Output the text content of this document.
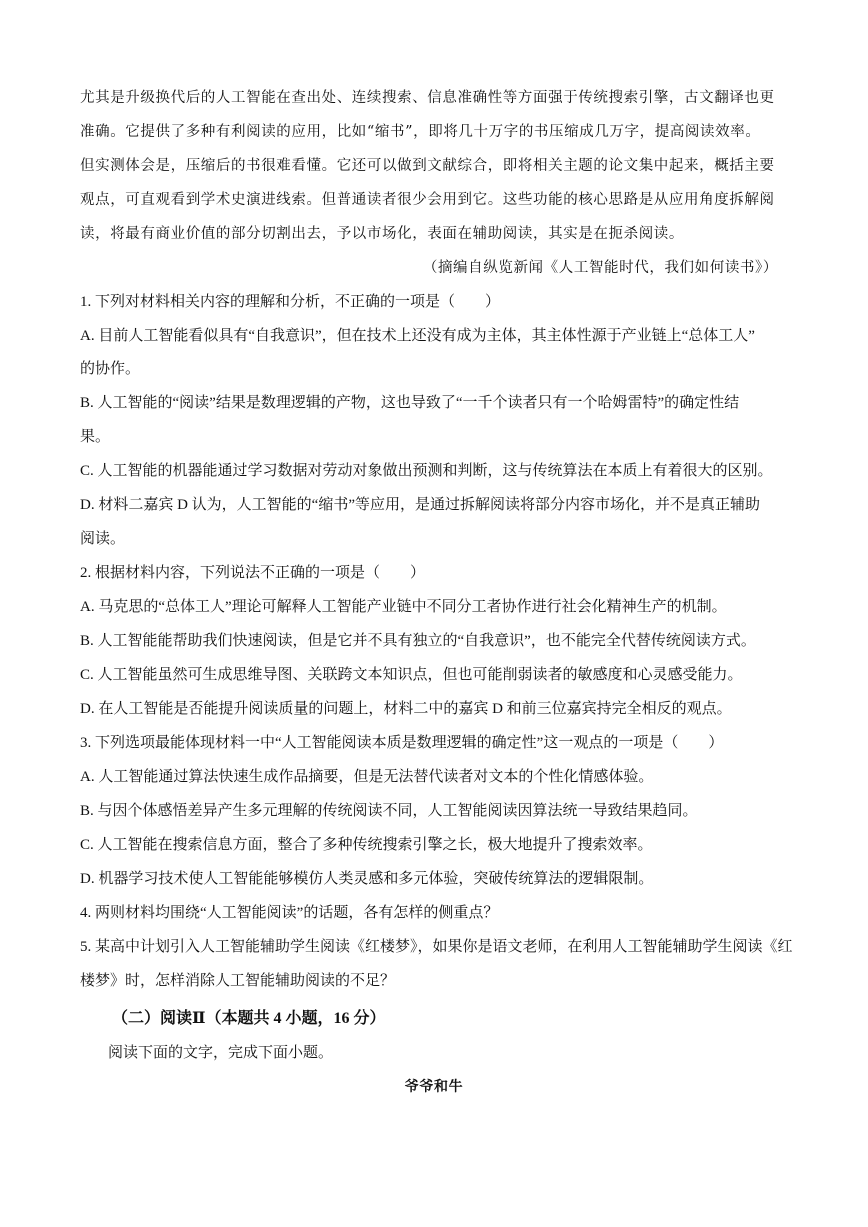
尤其是升级换代后的人工智能在查出处、连续搜索、信息准确性等方面强于传统搜索引擎，古文翻译也更
准确。它提供了多种有利阅读的应用，比如“缩书”，即将几十万字的书压缩成几万字，提高阅读效率。
但实测体会是，压缩后的书很难看懂。它还可以做到文献综合，即将相关主题的论文集中起来，概括主要
观点，可直观看到学术史演进线索。但普通读者很少会用到它。这些功能的核心思路是从应用角度拆解阅
读，将最有商业价值的部分切割出去，予以市场化，表面在辅助阅读，其实是在扼杀阅读。
（摘编自纵览新闻《人工智能时代，我们如何读书》）
1. 下列对材料相关内容的理解和分析，不正确的一项是（　　）
A. 目前人工智能看似具有“自我意识”，但在技术上还没有成为主体，其主体性源于产业链上“总体工人”
的协作。
B. 人工智能的“阅读”结果是数理逻辑的产物，这也导致了“一千个读者只有一个哈姆雷特”的确定性结
果。
C. 人工智能的机器能通过学习数据对劳动对象做出预测和判断，这与传统算法在本质上有着很大的区别。
D. 材料二嘉宾 D 认为，人工智能的“缩书”等应用，是通过拆解阅读将部分内容市场化，并不是真正辅助
阅读。
2. 根据材料内容，下列说法不正确的一项是（　　）
A. 马克思的“总体工人”理论可解释人工智能产业链中不同分工者协作进行社会化精神生产的机制。
B. 人工智能能帮助我们快速阅读，但是它并不具有独立的“自我意识”，也不能完全代替传统阅读方式。
C. 人工智能虽然可生成思维导图、关联跨文本知识点，但也可能削弱读者的敏感度和心灵感受能力。
D. 在人工智能是否能提升阅读质量的问题上，材料二中的嘉宾 D 和前三位嘉宾持完全相反的观点。
3. 下列选项最能体现材料一中“人工智能阅读本质是数理逻辑的确定性”这一观点的一项是（　　）
A. 人工智能通过算法快速生成作品摘要，但是无法替代读者对文本的个性化情感体验。
B. 与因个体感悟差异产生多元理解的传统阅读不同，人工智能阅读因算法统一导致结果趋同。
C. 人工智能在搜索信息方面，整合了多种传统搜索引擎之长，极大地提升了搜索效率。
D. 机器学习技术使人工智能能够模仿人类灵感和多元体验，突破传统算法的逻辑限制。
4. 两则材料均围绕“人工智能阅读”的话题，各有怎样的侧重点？
5. 某高中计划引入人工智能辅助学生阅读《红楼梦》，如果你是语文老师，在利用人工智能辅助学生阅读《红
楼梦》时，怎样消除人工智能辅助阅读的不足？
（二）阅读Ⅱ（本题共 4 小题，16 分）
阅读下面的文字，完成下面小题。
爷爷和牛
